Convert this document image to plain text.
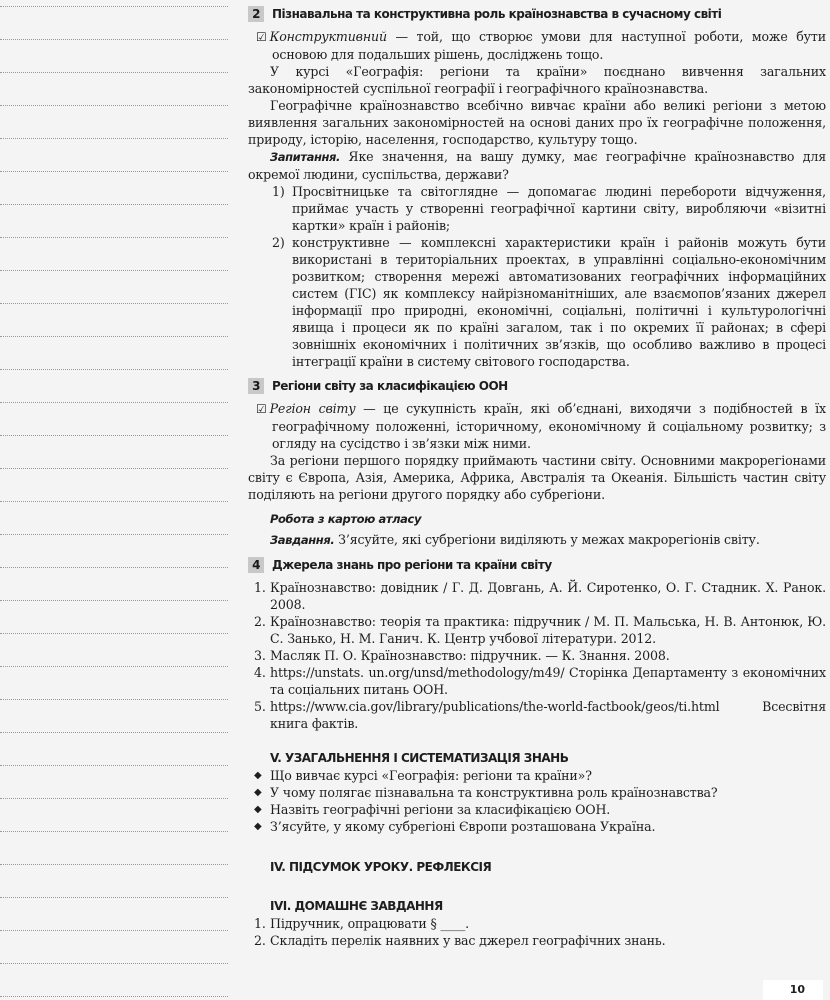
2	Пізнавальна та конструктивна роль країнознавства в сучасному світі

☑ Конструктивний — той, що створює умови для наступної роботи, може бути основою для подальших рішень, досліджень тощо.

У курсі «Географія: регіони та країни» поєднано вивчення загальних закономірностей суспільної географії і географічного країнознавства.

Географічне країнознавство всебічно вивчає країни або великі регіони з метою виявлення загальних закономірностей на основі даних про їх географічне положення, природу, історію, населення, господарство, культуру тощо.

Запитання. Яке значення, на вашу думку, має географічне країнознавство для окремої людини, суспільства, держави?

1) Просвітницьке та світоглядне — допомагає людині перебороти відчуження, приймає участь у створенні географічної картини світу, виробляючи «візитні картки» країн і районів;
2) конструктивне — комплексні характеристики країн і районів можуть бути використані в територіальних проектах, в управлінні соціально-економічним розвитком; створення мережі автоматизованих географічних інформаційних систем (ГІС) як комплексу найрізноманітніших, але взаємопов’язаних джерел інформації про природні, економічні, соціальні, політичні і культурологічні явища і процеси як по країні загалом, так і по окремих її районах; в сфері зовнішніх економічних і політичних зв’язків, що особливо важливо в процесі інтеграції країни в систему світового господарства.
3	Регіони світу за класифікацією ООН

☑ Регіон світу — це сукупність країн, які об’єднані, виходячи з подібностей в їх географічному положенні, історичному, економічному й соціальному розвитку; з огляду на сусідство і зв’язки між ними.

За регіони першого порядку приймають частини світу. Основними макрорегіонами світу є Європа, Азія, Америка, Африка, Австралія та Океанія. Більшість частин світу поділяють на регіони другого порядку або субрегіони.

Робота з картою атласу

Завдання. З’ясуйте, які субрегіони виділяють у межах макрорегіонів світу.

4	Джерела знань про регіони та країни світу
1. Країнознавство: довідник / Г. Д. Довгань, А. Й. Сиротенко, О. Г. Стадник. Х. Ранок. 2008.
2. Країнознавство: теорія та практика: підручник / М. П. Мальська, Н. В. Антонюк, Ю. С. Занько, Н. М. Ганич. К. Центр учбової літератури. 2012.
3. Масляк П. О. Країнознавство: підручник. — К. Знання. 2008.
4. https://unstats. un.org/unsd/methodology/m49/ Сторінка Департаменту з економічних та соціальних питань ООН.
5. https://www.cia.gov/library/publications/the-world-factbook/geos/ti.html Всесвітня книга фактів.
V. УЗАГАЛЬНЕННЯ І СИСТЕМАТИЗАЦІЯ ЗНАНЬ
◆ Що вивчає курсі «Географія: регіони та країни»?
◆ У чому полягає пізнавальна та конструктивна роль країнознавства?
◆ Назвіть географічні регіони за класифікацією ООН.
◆ З’ясуйте, у якому субрегіоні Європи розташована Україна.
IV. ПІДСУМОК УРОКУ. РЕФЛЕКСІЯ
IVI. ДОМАШНЄ ЗАВДАННЯ
1. Підручник, опрацювати § ____.
2. Складіть перелік наявних у вас джерел географічних знань.
10
